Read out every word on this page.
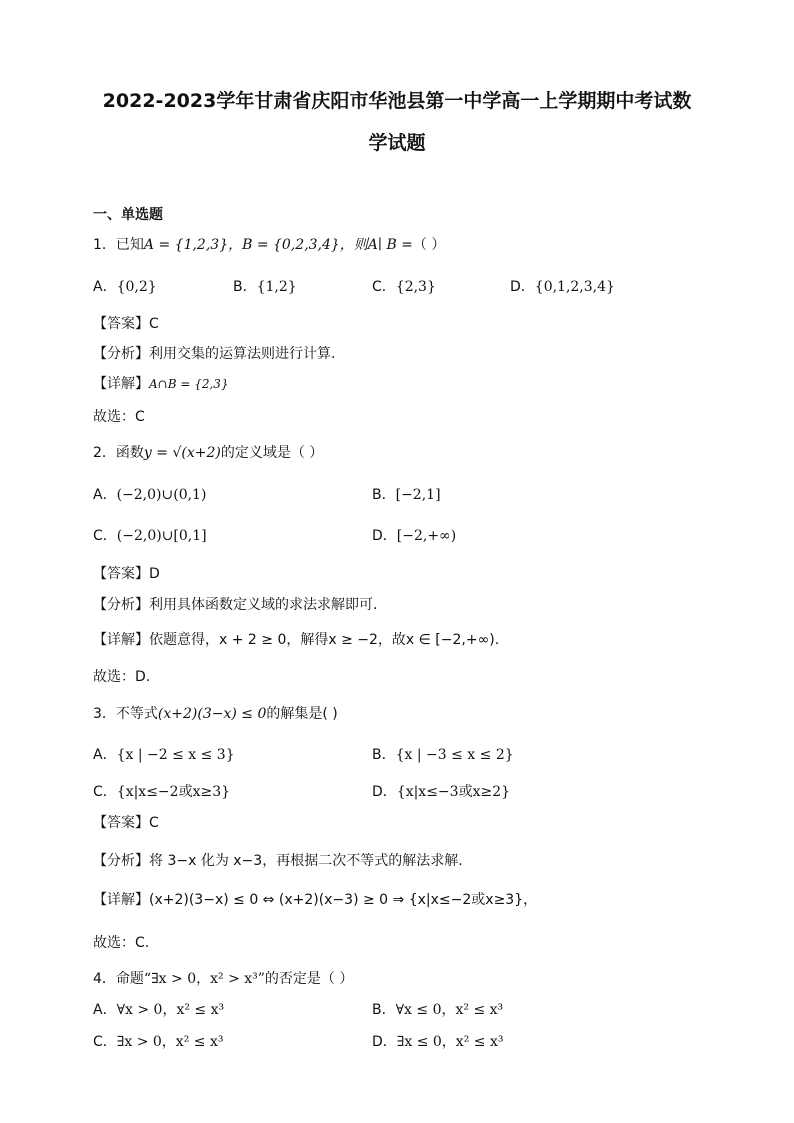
2022-2023学年甘肃省庆阳市华池县第一中学高一上学期期中考试数
学试题
一、单选题
1．已知A = {1,2,3}，B = {0,2,3,4}，则A∣ B =（ ）
A．{0,2}	B．{1,2}	C．{2,3}	D．{0,1,2,3,4}
【答案】C
【分析】利用交集的运算法则进行计算.
【详解】A∩B = {2,3}
故选：C
2．函数y = √(x+2)的定义域是（ ）
A．(−2,0)∪(0,1)	B．[−2,1]
C．(−2,0)∪[0,1]	D．[−2,+∞)
【答案】D
【分析】利用具体函数定义域的求法求解即可.
【详解】依题意得，x + 2 ≥ 0，解得x ≥ −2，故x ∈ [−2,+∞).
故选：D.
3．不等式(x+2)(3−x) ≤ 0的解集是( )
A．{x | −2 ≤ x ≤ 3}	B．{x | −3 ≤ x ≤ 2}
C．{x|x≤−2或x≥3}	D．{x|x≤−3或x≥2}
【答案】C
【分析】将 3−x 化为 x−3，再根据二次不等式的解法求解.
【详解】(x+2)(3−x) ≤ 0 ⇔ (x+2)(x−3) ≥ 0 ⇒ {x|x≤−2或x≥3}，
故选：C.
4．命题“∃x > 0，x² > x³”的否定是（ ）
A．∀x > 0，x² ≤ x³	B．∀x ≤ 0，x² ≤ x³
C．∃x > 0，x² ≤ x³	D．∃x ≤ 0，x² ≤ x³
